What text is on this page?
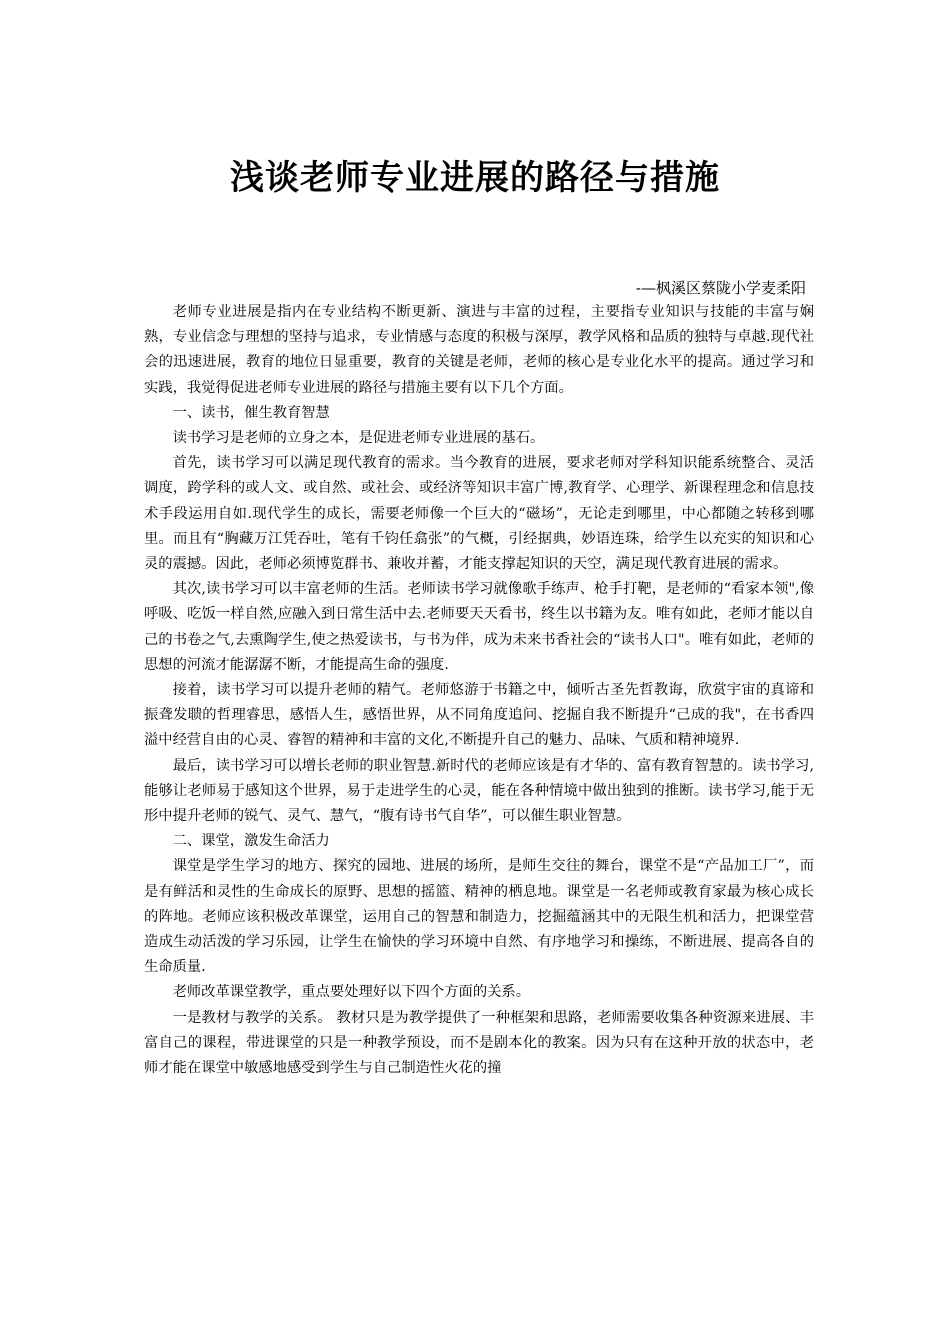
浅谈老师专业进展的路径与措施

-—枫溪区蔡陇小学麦柔阳

老师专业进展是指内在专业结构不断更新、演进与丰富的过程，主要指专业知识与技能的丰富与娴熟，专业信念与理想的坚持与追求，专业情感与态度的积极与深厚，教学风格和品质的独特与卓越.现代社会的迅速进展，教育的地位日显重要，教育的关键是老师，老师的核心是专业化水平的提高。通过学习和实践，我觉得促进老师专业进展的路径与措施主要有以下几个方面。

一、读书，催生教育智慧

读书学习是老师的立身之本，是促进老师专业进展的基石。

首先，读书学习可以满足现代教育的需求。当今教育的进展，要求老师对学科知识能系统整合、灵活调度，跨学科的或人文、或自然、或社会、或经济等知识丰富广博,教育学、心理学、新课程理念和信息技术手段运用自如.现代学生的成长，需要老师像一个巨大的“磁场”，无论走到哪里，中心都随之转移到哪里。而且有“胸藏万江凭吞吐，笔有千钧任翕张”的气概，引经据典，妙语连珠，给学生以充实的知识和心灵的震撼。因此，老师必须博览群书、兼收并蓄，才能支撑起知识的天空，满足现代教育进展的需求。

其次,读书学习可以丰富老师的生活。老师读书学习就像歌手练声、枪手打靶，是老师的“看家本领",像呼吸、吃饭一样自然,应融入到日常生活中去.老师要天天看书，终生以书籍为友。唯有如此，老师才能以自己的书卷之气,去熏陶学生,使之热爱读书，与书为伴，成为未来书香社会的“读书人口"。唯有如此，老师的思想的河流才能潺潺不断，才能提高生命的强度.

接着，读书学习可以提升老师的精气。老师悠游于书籍之中，倾听古圣先哲教诲，欣赏宇宙的真谛和振聋发聩的哲理睿思，感悟人生，感悟世界，从不同角度追问、挖掘自我不断提升“己成的我"，在书香四溢中经营自由的心灵、睿智的精神和丰富的文化,不断提升自己的魅力、品味、气质和精神境界.

最后，读书学习可以增长老师的职业智慧.新时代的老师应该是有才华的、富有教育智慧的。读书学习,能够让老师易于感知这个世界，易于走进学生的心灵，能在各种情境中做出独到的推断。读书学习,能于无形中提升老师的锐气、灵气、慧气，“腹有诗书气自华”，可以催生职业智慧。

二、课堂，激发生命活力

课堂是学生学习的地方、探究的园地、进展的场所，是师生交往的舞台，课堂不是“产品加工厂”，而是有鲜活和灵性的生命成长的原野、思想的摇篮、精神的栖息地。课堂是一名老师或教育家最为核心成长的阵地。老师应该积极改革课堂，运用自己的智慧和制造力，挖掘蕴涵其中的无限生机和活力，把课堂营造成生动活泼的学习乐园，让学生在愉快的学习环境中自然、有序地学习和操练，不断进展、提高各自的生命质量.

老师改革课堂教学，重点要处理好以下四个方面的关系。

一是教材与教学的关系。 教材只是为教学提供了一种框架和思路，老师需要收集各种资源来进展、丰富自己的课程，带进课堂的只是一种教学预设，而不是剧本化的教案。因为只有在这种开放的状态中，老师才能在课堂中敏感地感受到学生与自己制造性火花的撞
